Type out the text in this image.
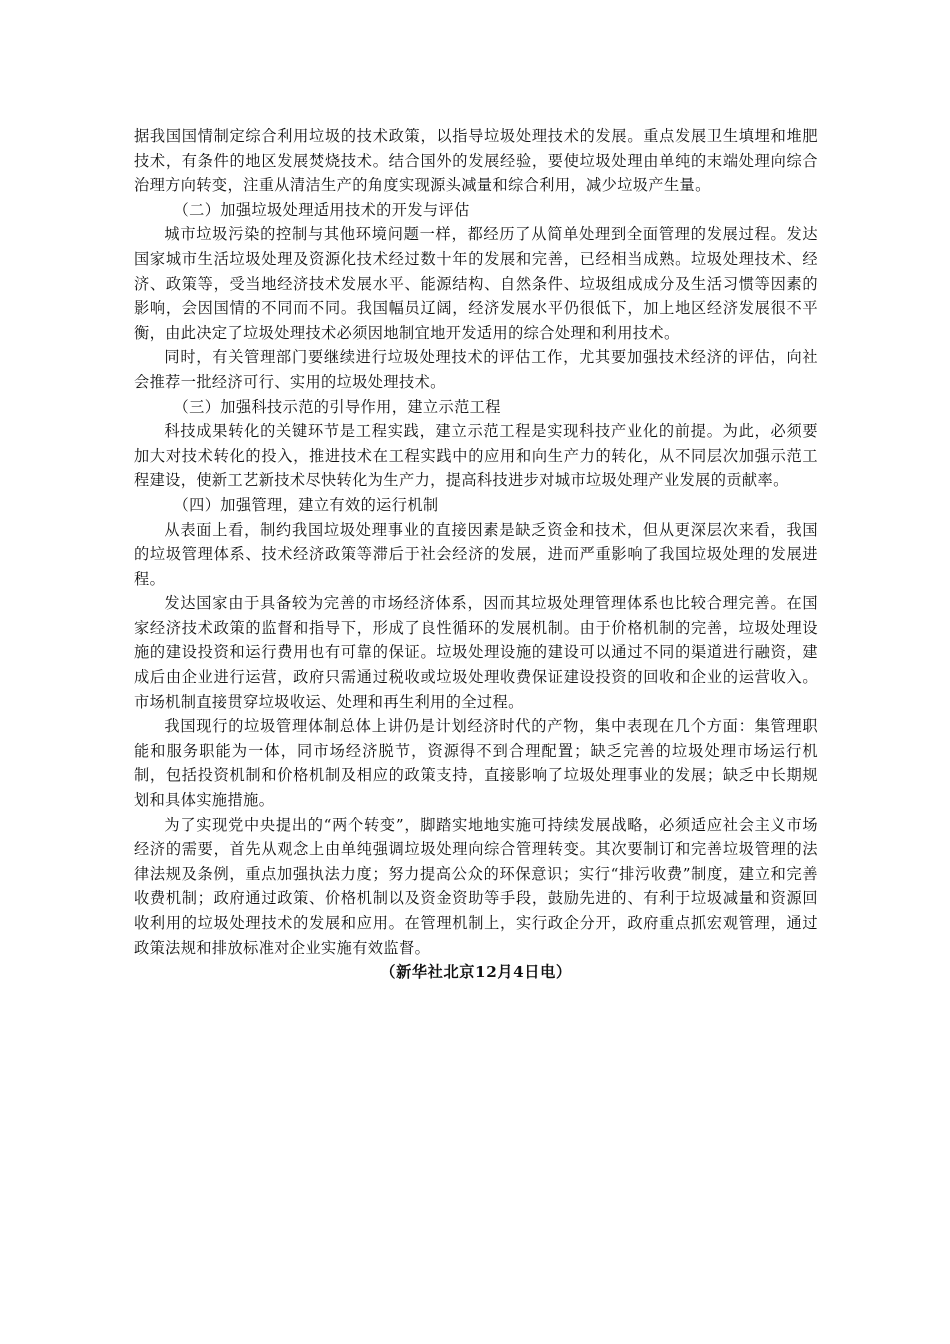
据我国国情制定综合利用垃圾的技术政策，以指导垃圾处理技术的发展。重点发展卫生填埋和堆肥技术，有条件的地区发展焚烧技术。结合国外的发展经验，要使垃圾处理由单纯的末端处理向综合治理方向转变，注重从清洁生产的角度实现源头减量和综合利用，减少垃圾产生量。

（二）加强垃圾处理适用技术的开发与评估

城市垃圾污染的控制与其他环境问题一样，都经历了从简单处理到全面管理的发展过程。发达国家城市生活垃圾处理及资源化技术经过数十年的发展和完善，已经相当成熟。垃圾处理技术、经济、政策等，受当地经济技术发展水平、能源结构、自然条件、垃圾组成成分及生活习惯等因素的影响，会因国情的不同而不同。我国幅员辽阔，经济发展水平仍很低下，加上地区经济发展很不平衡，由此决定了垃圾处理技术必须因地制宜地开发适用的综合处理和利用技术。

同时，有关管理部门要继续进行垃圾处理技术的评估工作，尤其要加强技术经济的评估，向社会推荐一批经济可行、实用的垃圾处理技术。

（三）加强科技示范的引导作用，建立示范工程

科技成果转化的关键环节是工程实践，建立示范工程是实现科技产业化的前提。为此，必须要加大对技术转化的投入，推进技术在工程实践中的应用和向生产力的转化，从不同层次加强示范工程建设，使新工艺新技术尽快转化为生产力，提高科技进步对城市垃圾处理产业发展的贡献率。

（四）加强管理，建立有效的运行机制

从表面上看，制约我国垃圾处理事业的直接因素是缺乏资金和技术，但从更深层次来看，我国的垃圾管理体系、技术经济政策等滞后于社会经济的发展，进而严重影响了我国垃圾处理的发展进程。

发达国家由于具备较为完善的市场经济体系，因而其垃圾处理管理体系也比较合理完善。在国家经济技术政策的监督和指导下，形成了良性循环的发展机制。由于价格机制的完善，垃圾处理设施的建设投资和运行费用也有可靠的保证。垃圾处理设施的建设可以通过不同的渠道进行融资，建成后由企业进行运营，政府只需通过税收或垃圾处理收费保证建设投资的回收和企业的运营收入。市场机制直接贯穿垃圾收运、处理和再生利用的全过程。

我国现行的垃圾管理体制总体上讲仍是计划经济时代的产物，集中表现在几个方面：集管理职能和服务职能为一体，同市场经济脱节，资源得不到合理配置；缺乏完善的垃圾处理市场运行机制，包括投资机制和价格机制及相应的政策支持，直接影响了垃圾处理事业的发展；缺乏中长期规划和具体实施措施。

为了实现党中央提出的“两个转变”，脚踏实地地实施可持续发展战略，必须适应社会主义市场经济的需要，首先从观念上由单纯强调垃圾处理向综合管理转变。其次要制订和完善垃圾管理的法律法规及条例，重点加强执法力度；努力提高公众的环保意识；实行“排污收费”制度，建立和完善收费机制；政府通过政策、价格机制以及资金资助等手段，鼓励先进的、有利于垃圾减量和资源回收利用的垃圾处理技术的发展和应用。在管理机制上，实行政企分开，政府重点抓宏观管理，通过政策法规和排放标准对企业实施有效监督。

（新华社北京12月4日电）
